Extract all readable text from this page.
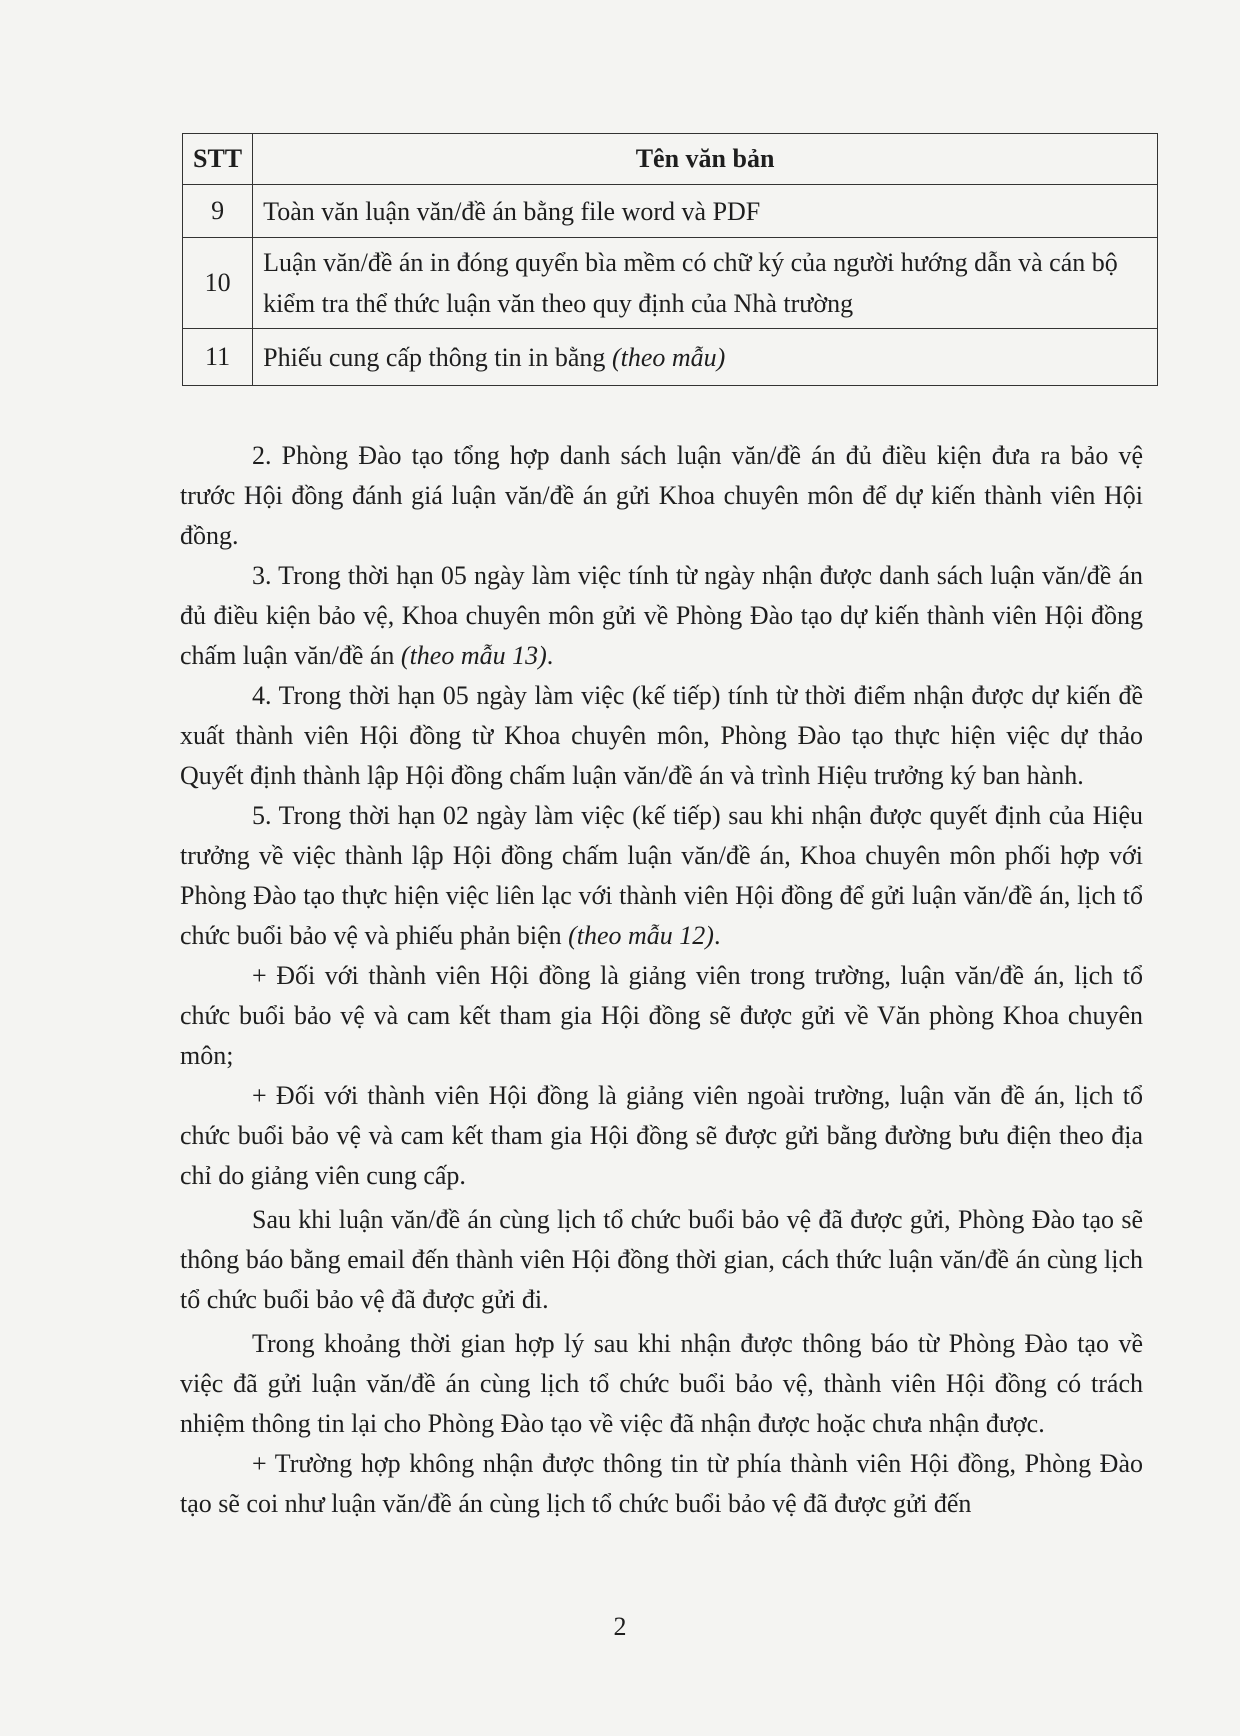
STT	Tên văn bản
9	Toàn văn luận văn/đề án bằng file word và PDF
10	Luận văn/đề án in đóng quyển bìa mềm có chữ ký của người hướng dẫn và cán bộ kiểm tra thể thức luận văn theo quy định của Nhà trường
11	Phiếu cung cấp thông tin in bằng (theo mẫu)

2. Phòng Đào tạo tổng hợp danh sách luận văn/đề án đủ điều kiện đưa ra bảo vệ trước Hội đồng đánh giá luận văn/đề án gửi Khoa chuyên môn để dự kiến thành viên Hội đồng.

3. Trong thời hạn 05 ngày làm việc tính từ ngày nhận được danh sách luận văn/đề án đủ điều kiện bảo vệ, Khoa chuyên môn gửi về Phòng Đào tạo dự kiến thành viên Hội đồng chấm luận văn/đề án (theo mẫu 13).

4. Trong thời hạn 05 ngày làm việc (kế tiếp) tính từ thời điểm nhận được dự kiến đề xuất thành viên Hội đồng từ Khoa chuyên môn, Phòng Đào tạo thực hiện việc dự thảo Quyết định thành lập Hội đồng chấm luận văn/đề án và trình Hiệu trưởng ký ban hành.

5. Trong thời hạn 02 ngày làm việc (kế tiếp) sau khi nhận được quyết định của Hiệu trưởng về việc thành lập Hội đồng chấm luận văn/đề án, Khoa chuyên môn phối hợp với Phòng Đào tạo thực hiện việc liên lạc với thành viên Hội đồng để gửi luận văn/đề án, lịch tổ chức buổi bảo vệ và phiếu phản biện (theo mẫu 12).

+ Đối với thành viên Hội đồng là giảng viên trong trường, luận văn/đề án, lịch tổ chức buổi bảo vệ và cam kết tham gia Hội đồng sẽ được gửi về Văn phòng Khoa chuyên môn;

+ Đối với thành viên Hội đồng là giảng viên ngoài trường, luận văn đề án, lịch tổ chức buổi bảo vệ và cam kết tham gia Hội đồng sẽ được gửi bằng đường bưu điện theo địa chỉ do giảng viên cung cấp.

Sau khi luận văn/đề án cùng lịch tổ chức buổi bảo vệ đã được gửi, Phòng Đào tạo sẽ thông báo bằng email đến thành viên Hội đồng thời gian, cách thức luận văn/đề án cùng lịch tổ chức buổi bảo vệ đã được gửi đi.

Trong khoảng thời gian hợp lý sau khi nhận được thông báo từ Phòng Đào tạo về việc đã gửi luận văn/đề án cùng lịch tổ chức buổi bảo vệ, thành viên Hội đồng có trách nhiệm thông tin lại cho Phòng Đào tạo về việc đã nhận được hoặc chưa nhận được.

+ Trường hợp không nhận được thông tin từ phía thành viên Hội đồng, Phòng Đào tạo sẽ coi như luận văn/đề án cùng lịch tổ chức buổi bảo vệ đã được gửi đến

2
